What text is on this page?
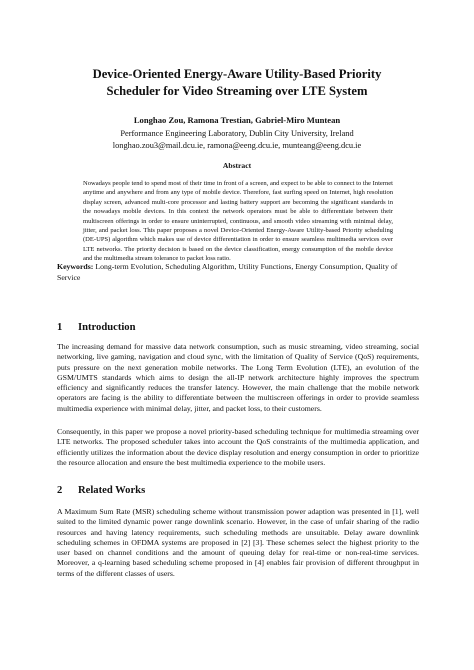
Device-Oriented Energy-Aware Utility-Based Priority
Scheduler for Video Streaming over LTE System
Longhao Zou, Ramona Trestian, Gabriel-Miro Muntean
Performance Engineering Laboratory, Dublin City University, Ireland
longhao.zou3@mail.dcu.ie, ramona@eeng.dcu.ie, munteang@eeng.dcu.ie
Abstract

Nowadays people tend to spend most of their time in front of a screen, and expect to be able to connect to the Internet anytime and anywhere and from any type of mobile device. Therefore, fast surfing speed on Internet, high resolution display screen, advanced multi-core processor and lasting battery support are becoming the significant standards in the nowadays mobile devices. In this context the network operators must be able to differentiate between their multiscreen offerings in order to ensure uninterrupted, continuous, and smooth video streaming with minimal delay, jitter, and packet loss. This paper proposes a novel Device-Oriented Energy-Aware Utility-based Priority scheduling (DE-UPS) algorithm which makes use of device differentiation in order to ensure seamless multimedia services over LTE networks. The priority decision is based on the device classification, energy consumption of the mobile device and the multimedia stream tolerance to packet loss ratio.

Keywords: Long-term Evolution, Scheduling Algorithm, Utility Functions, Energy Consumption, Quality of Service

1 Introduction

The increasing demand for massive data network consumption, such as music streaming, video streaming, social networking, live gaming, navigation and cloud sync, with the limitation of Quality of Service (QoS) requirements, puts pressure on the next generation mobile networks. The Long Term Evolution (LTE), an evolution of the GSM/UMTS standards which aims to design the all-IP network architecture highly improves the spectrum efficiency and significantly reduces the transfer latency. However, the main challenge that the mobile network operators are facing is the ability to differentiate between the multiscreen offerings in order to provide seamless multimedia experience with minimal delay, jitter, and packet loss, to their customers.

Consequently, in this paper we propose a novel priority-based scheduling technique for multimedia streaming over LTE networks. The proposed scheduler takes into account the QoS constraints of the multimedia application, and efficiently utilizes the information about the device display resolution and energy consumption in order to prioritize the resource allocation and ensure the best multimedia experience to the mobile users.

2 Related Works

A Maximum Sum Rate (MSR) scheduling scheme without transmission power adaption was presented in [1], well suited to the limited dynamic power range downlink scenario. However, in the case of unfair sharing of the radio resources and having latency requirements, such scheduling methods are unsuitable. Delay aware downlink scheduling schemes in OFDMA systems are proposed in [2] [3]. These schemes select the highest priority to the user based on channel conditions and the amount of queuing delay for real-time or non-real-time services. Moreover, a q-learning based scheduling scheme proposed in [4] enables fair provision of different throughput in terms of the different classes of users.
